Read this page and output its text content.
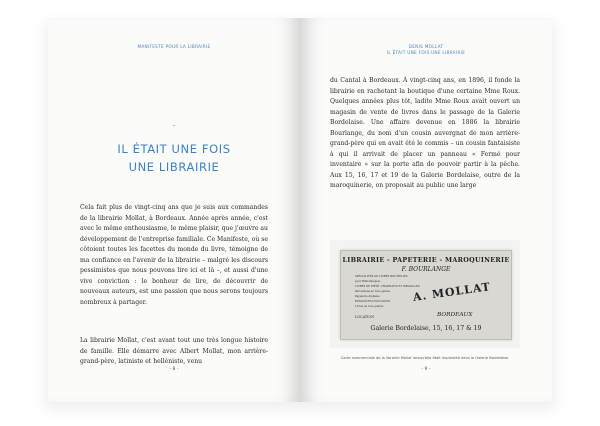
MANIFESTE POUR LA LIBRAIRIE
–
IL ÉTAIT UNE FOIS
UNE LIBRAIRIE

Cela fait plus de vingt-cinq ans que je suis aux commandes de la librairie Mollat, à Bordeaux. Année après année, c'est avec le même enthousiasme, le même plaisir, que j'œuvre au développement de l'entreprise familiale. Ce Manifeste, où se côtoient toutes les facettes du monde du livre, témoigne de ma confiance en l'avenir de la librairie – malgré les discours pessimistes que nous pouvons lire ici et là –, et aussi d'une vive conviction : le bonheur de lire, de découvrir de nouveaux auteurs, est une passion que nous serons toujours nombreux à partager.

La librairie Mollat, c'est avant tout une très longue histoire de famille. Elle démarre avec Albert Mollat, mon arrière-grand-père, latiniste et helléniste, venu

- 8 -
DENIS MOLLAT
IL ÉTAIT UNE FOIS UNE LIBRAIRIE

du Cantal à Bordeaux. À vingt-cinq ans, en 1896, il fonde la librairie en rachetant la boutique d'une certaine Mme Roux. Quelques années plus tôt, ladite Mme Roux avait ouvert un magasin de vente de livres dans le passage de la Galerie Bordelaise. Une affaire devenue en 1886 la librairie Bourlange, du nom d'un cousin auvergnat de mon arrière-grand-père qui en avait été le commis – un cousin fantaisiste à qui il arrivait de placer un panneau « Fermé pour inventaire » sur la porte afin de pouvoir partir à la pêche. Aux 15, 16, 17 et 19 de la Galerie Bordelaise, outre de la maroquinerie, on proposait au public une large

LIBRAIRIE - PAPETERIE - MAROQUINERIE
F. BOURLANGE
SPÉCIALITÉS DE LIVRES BON RELIÉS
pour Bibliothèques
LIVRES DE PIÉTÉ, CHAPELETS ET MÉDAILLES
Paroissiens en tous genres
Papeterie Anglaise
ROMANCES D'OCCASION
Livres en tous genres
A. MOLLAT
BORDEAUX
LOCATION
Galerie Bordelaise, 15, 16, 17 & 19
Carte commerciale de la librairie Mollat lorsqu'elle était implantée dans la Galerie Bordelaise.
- 9 -
